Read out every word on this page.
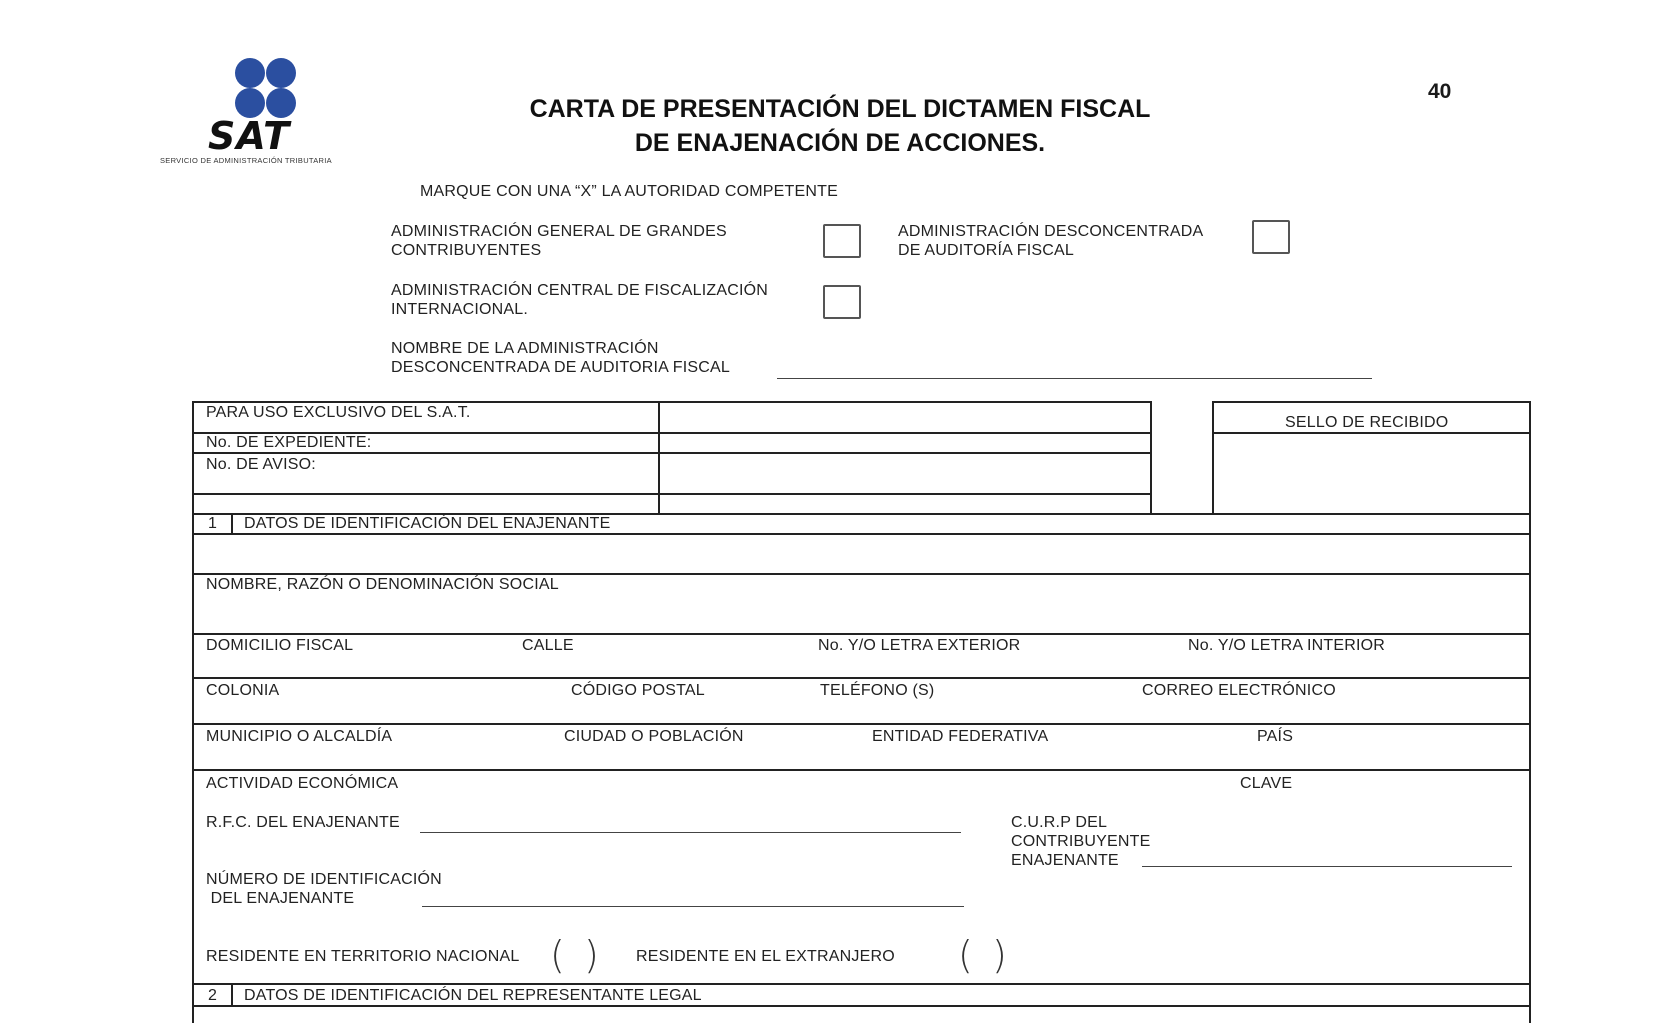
SAT
SERVICIO DE ADMINISTRACIÓN TRIBUTARIA
CARTA DE PRESENTACIÓN DEL DICTAMEN FISCAL
DE ENAJENACIÓN DE ACCIONES.
40
MARQUE CON UNA “X” LA AUTORIDAD COMPETENTE
ADMINISTRACIÓN GENERAL DE GRANDES
CONTRIBUYENTES
ADMINISTRACIÓN DESCONCENTRADA
DE AUDITORÍA FISCAL
ADMINISTRACIÓN CENTRAL DE FISCALIZACIÓN
INTERNACIONAL.
NOMBRE DE LA ADMINISTRACIÓN
DESCONCENTRADA DE AUDITORIA FISCAL
PARA USO EXCLUSIVO DEL S.A.T.
No. DE EXPEDIENTE:
No. DE AVISO:
SELLO DE RECIBIDO
1 DATOS DE IDENTIFICACIÓN DEL ENAJENANTE
NOMBRE, RAZÓN O DENOMINACIÓN SOCIAL
DOMICILIO FISCAL	CALLE	No. Y/O LETRA EXTERIOR	No. Y/O LETRA INTERIOR
COLONIA	CÓDIGO POSTAL	TELÉFONO (S)	CORREO ELECTRÓNICO
MUNICIPIO O ALCALDÍA	CIUDAD O POBLACIÓN	ENTIDAD FEDERATIVA	PAÍS
ACTIVIDAD ECONÓMICA	CLAVE
R.F.C. DEL ENAJENANTE	C.U.R.P DEL
CONTRIBUYENTE
ENAJENANTE
NÚMERO DE IDENTIFICACIÓN
DEL ENAJENANTE
RESIDENTE EN TERRITORIO NACIONAL ( ) RESIDENTE EN EL EXTRANJERO ( )
2 DATOS DE IDENTIFICACIÓN DEL REPRESENTANTE LEGAL
